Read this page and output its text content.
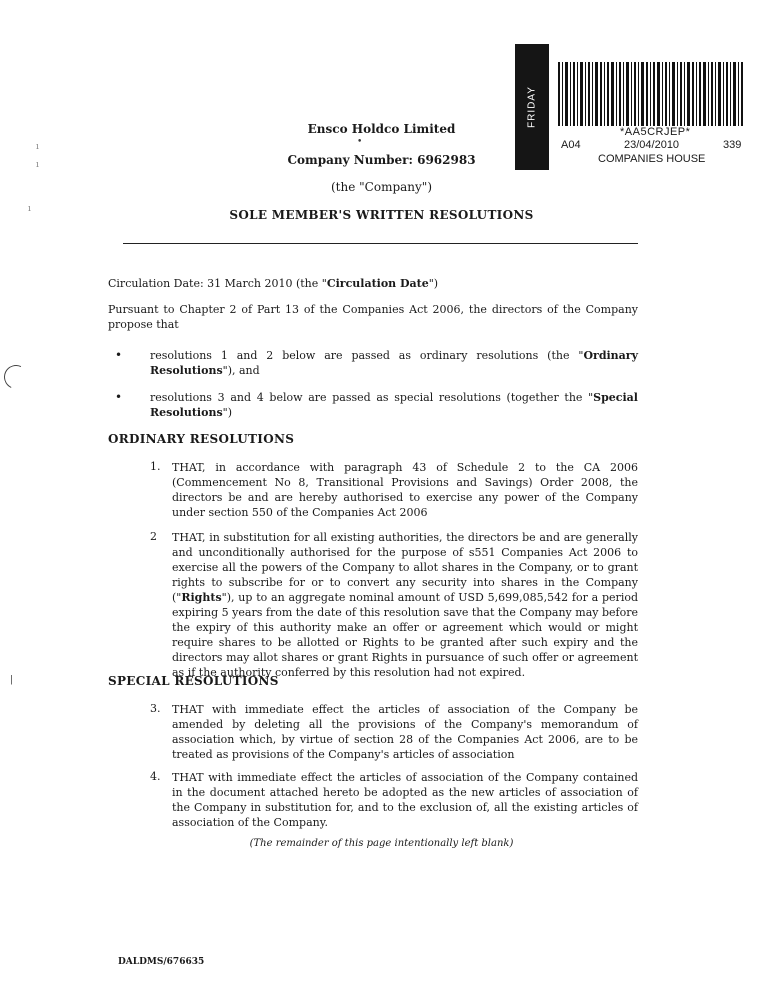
ı
ı
ı
|
FRIDAY
*AA5CRJEP*
A04	23/04/2010	339
COMPANIES HOUSE
Ensco Holdco Limited
•
Company Number: 6962983
(the "Company")
SOLE MEMBER'S WRITTEN RESOLUTIONS
Circulation Date: 31 March 2010 (the "Circulation Date")
Pursuant to Chapter 2 of Part 13 of the Companies Act 2006, the directors of the Company propose that
•	resolutions 1 and 2 below are passed as ordinary resolutions (the "Ordinary Resolutions"), and
•	resolutions 3 and 4 below are passed as special resolutions (together the "Special Resolutions")
ORDINARY RESOLUTIONS
1. THAT, in accordance with paragraph 43 of Schedule 2 to the CA 2006 (Commencement No 8, Transitional Provisions and Savings) Order 2008, the directors be and are hereby authorised to exercise any power of the Company under section 550 of the Companies Act 2006
2 THAT, in substitution for all existing authorities, the directors be and are generally and unconditionally authorised for the purpose of s551 Companies Act 2006 to exercise all the powers of the Company to allot shares in the Company, or to grant rights to subscribe for or to convert any security into shares in the Company ("Rights"), up to an aggregate nominal amount of USD 5,699,085,542 for a period expiring 5 years from the date of this resolution save that the Company may before the expiry of this authority make an offer or agreement which would or might require shares to be allotted or Rights to be granted after such expiry and the directors may allot shares or grant Rights in pursuance of such offer or agreement as if the authority conferred by this resolution had not expired.
SPECIAL RESOLUTIONS
3. THAT with immediate effect the articles of association of the Company be amended by deleting all the provisions of the Company's memorandum of association which, by virtue of section 28 of the Companies Act 2006, are to be treated as provisions of the Company's articles of association
4. THAT with immediate effect the articles of association of the Company contained in the document attached hereto be adopted as the new articles of association of the Company in substitution for, and to the exclusion of, all the existing articles of association of the Company.
(The remainder of this page intentionally left blank)
DALDMS/676635
